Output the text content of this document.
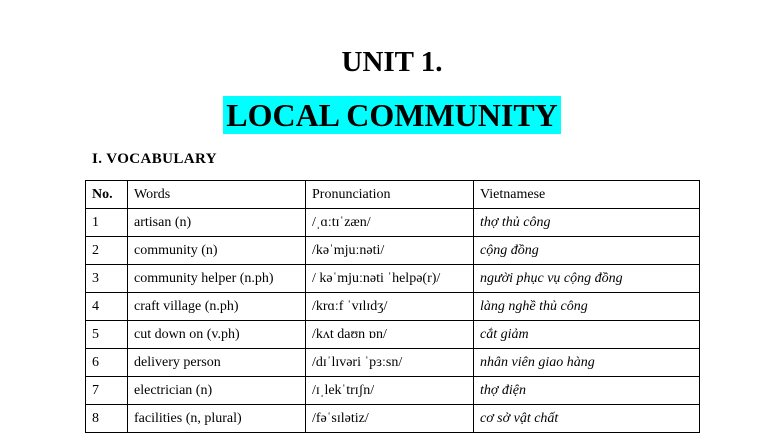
UNIT 1.
LOCAL COMMUNITY
I. VOCABULARY
No.	Words	Pronunciation	Vietnamese
1	artisan (n)	/ˌɑːtɪˈzæn/	thợ thủ công
2	community (n)	/kəˈmjuːnəti/	cộng đồng
3	community helper (n.ph)	/ kəˈmjuːnəti ˈhelpə(r)/	người phục vụ cộng đồng
4	craft village (n.ph)	/krɑːf ˈvɪlɪdʒ/	làng nghề thủ công
5	cut down on (v.ph)	/kʌt daʊn ɒn/	cắt giảm
6	delivery person	/dɪˈlɪvəri ˈpɜːsn/	nhân viên giao hàng
7	electrician (n)	/ɪˌlekˈtrɪʃn/	thợ điện
8	facilities (n, plural)	/fəˈsɪlətiz/	cơ sở vật chất
